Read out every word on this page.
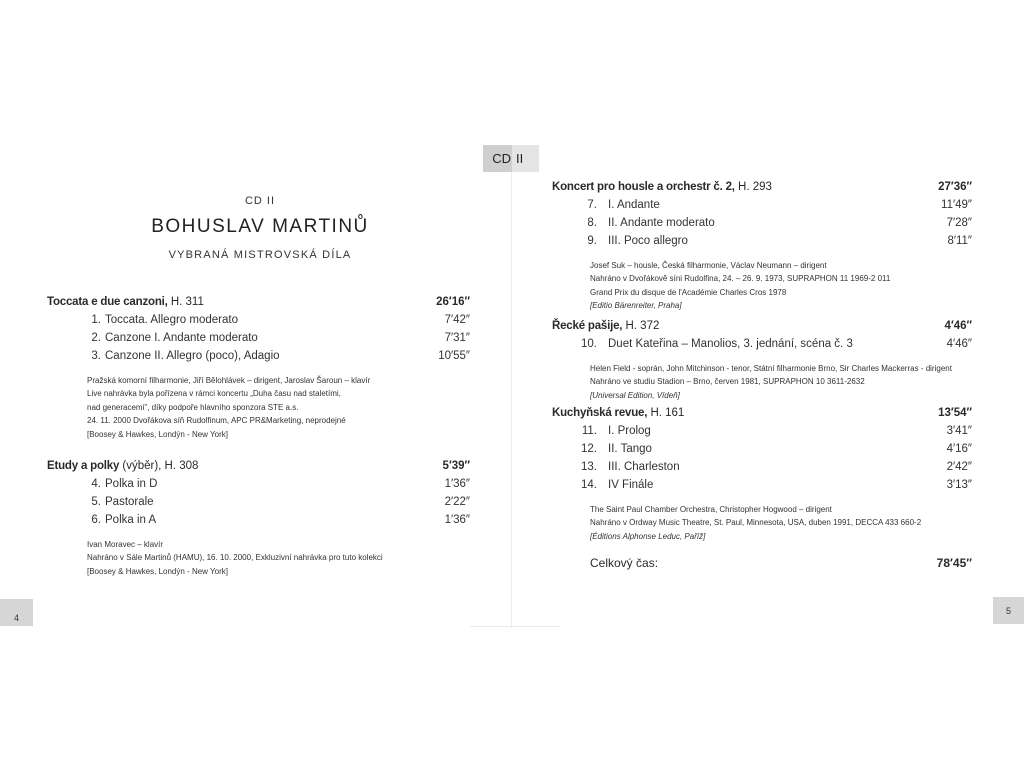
4
5
CD II
CD II
BOHUSLAV MARTINŮ
VYBRANÁ MISTROVSKÁ DÍLA
Toccata e due canzoni, H. 311	26′16″
1. Toccata. Allegro moderato	7′42″
2. Canzone I. Andante moderato	7′31″
3. Canzone II. Allegro (poco), Adagio	10′55″

Pražská komorní filharmonie, Jiří Bělohlávek – dirigent, Jaroslav Šaroun – klavír

Live nahrávka byla pořízena v rámci koncertu „Duha času nad staletími,

nad generacemi", díky podpoře hlavního sponzora STE a.s.

24. 11. 2000 Dvořákova síň Rudolfinum, APC PR&Marketing, neprodejné

[Boosey & Hawkes, Londýn - New York]

Etudy a polky (výběr), H. 308	5′39″
4. Polka in D	1′36″
5. Pastorale	2′22″
6. Polka in A	1′36″

Ivan Moravec – klavír

Nahráno v Sále Martinů (HAMU), 16. 10. 2000, Exkluzivní nahrávka pro tuto kolekci

[Boosey & Hawkes, Londýn - New York]

Koncert pro housle a orchestr č. 2, H. 293	27′36″
7. I. Andante	11′49″
8. II. Andante moderato	7′28″
9. III. Poco allegro	8′11″

Josef Suk – housle, Česká filharmonie, Václav Neumann – dirigent

Nahráno v Dvořákově síni Rudolfina, 24. – 26. 9. 1973, SUPRAPHON 11 1969-2 011

Grand Prix du disque de l'Académie Charles Cros 1978

[Editio Bärenreiter, Praha]

Řecké pašije, H. 372	4′46″
10. Duet Kateřina – Manolios, 3. jednání, scéna č. 3	4′46″

Helen Field - soprán, John Mitchinson - tenor, Státní filharmonie Brno, Sir Charles Mackerras - dirigent

Nahráno ve studiu Stadion – Brno, červen 1981, SUPRAPHON 10 3611-2632

[Universal Edition, Vídeň]

Kuchyňská revue, H. 161	13′54″
11. I. Prolog	3′41″
12. II. Tango	4′16″
13. III. Charleston	2′42″
14. IV Finále	3′13″

The Saint Paul Chamber Orchestra, Christopher Hogwood – dirigent

Nahráno v Ordway Music Theatre, St. Paul, Minnesota, USA, duben 1991, DECCA 433 660-2

[Éditions Alphonse Leduc, Paříž]

Celkový čas:	78′45″
